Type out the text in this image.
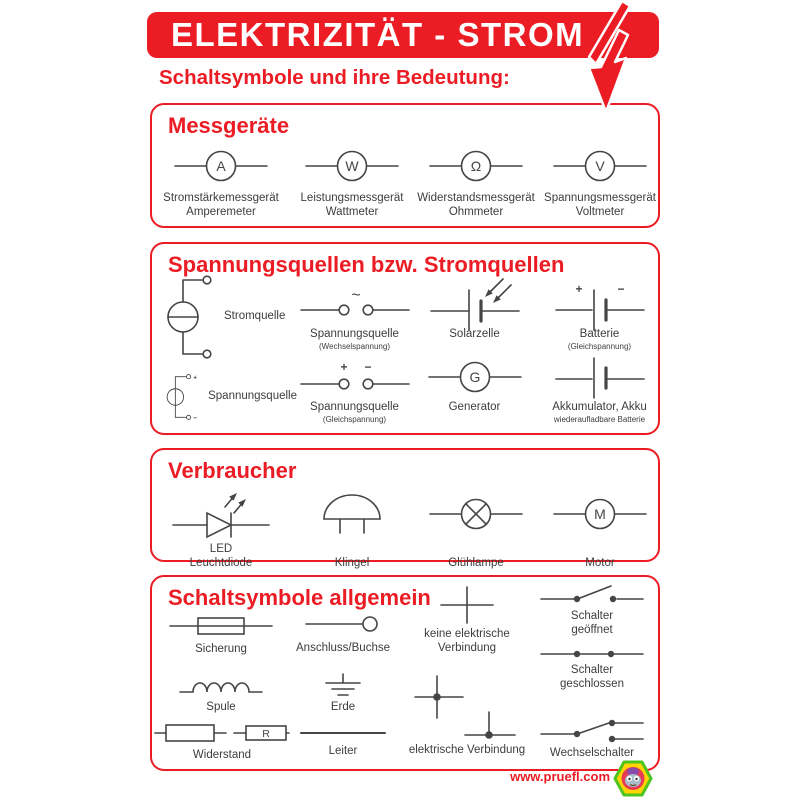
ELEKTRIZITÄT - STROM
Schaltsymbole und ihre Bedeutung:
Messgeräte
A
Stromstärkemessgerät
Amperemeter
W
Leistungsmessgerät
Wattmeter
Ω
Widerstandsmessgerät
Ohmmeter
V
Spannungsmessgerät
Voltmeter
Spannungsquellen bzw. Stromquellen
Stromquelle
~
Spannungsquelle
(Wechselspannung)
Solarzelle
+	−
Batterie
(Gleichspannung)
+
−
Spannungsquelle
+ −
Spannungsquelle
(Gleichspannung)
G
Generator	Akkumulator, Akku
wiederaufladbare Batterie
Verbraucher
LED
Leuchtdiode	Klingel	Glühlampe
M
Motor
Schaltsymbole allgemein
Sicherung	Anschluss/Buchse
keine elektrische
Verbindung
Schalter
geöffnet
Spule	Erde
elektrische Verbindung
Schalter
geschlossen
R
Widerstand	Leiter	Wechselschalter
www.pruefl.com
